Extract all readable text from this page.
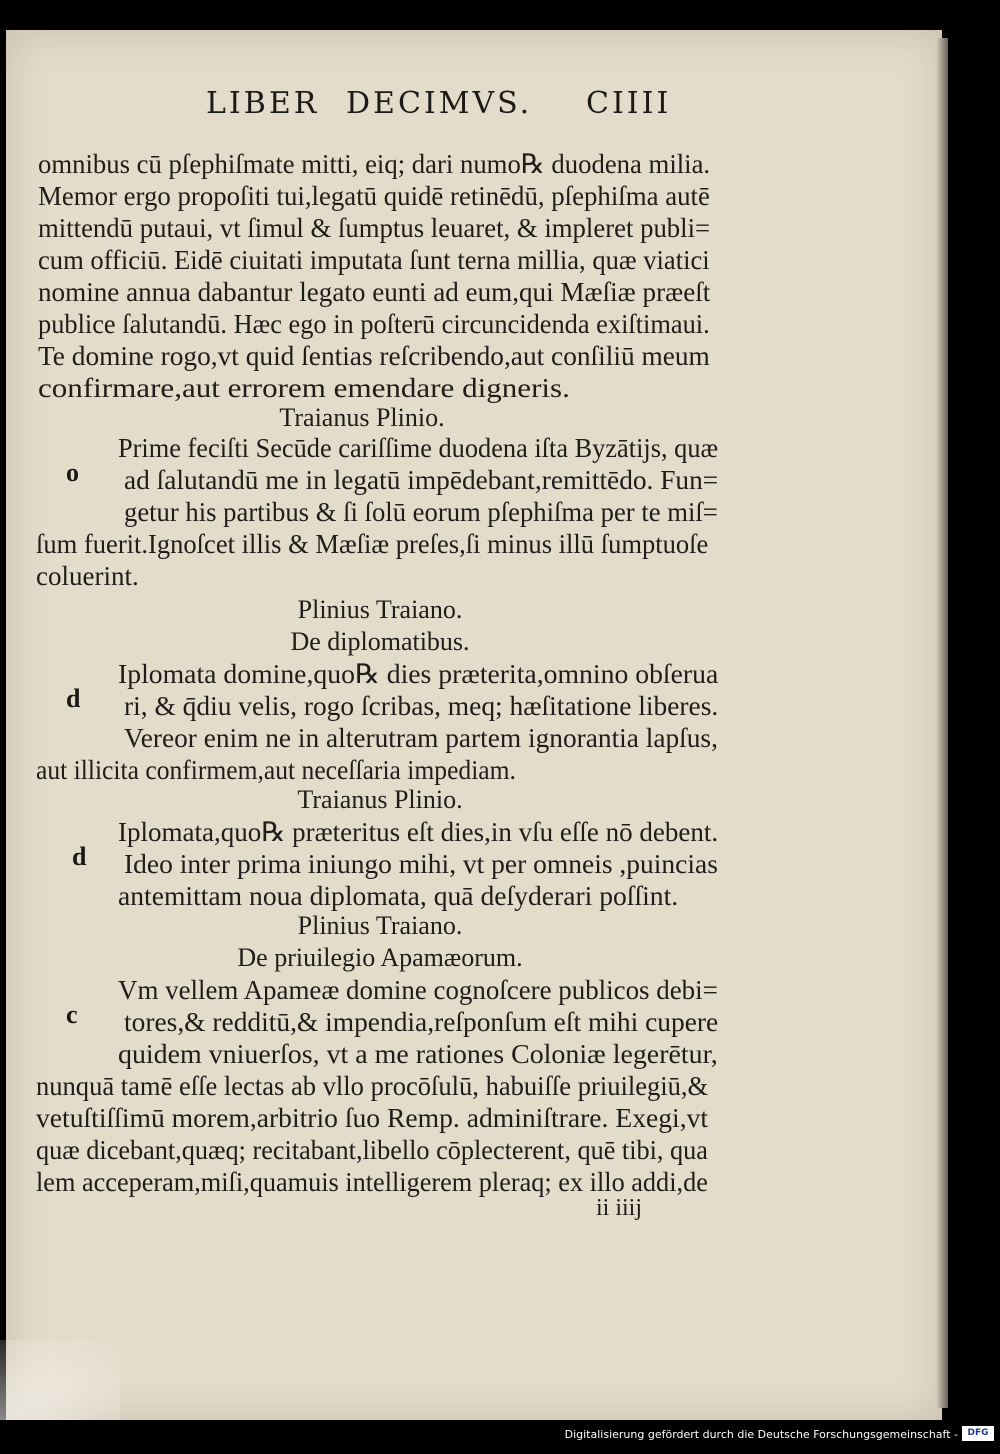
LIBER DECIMVS. CIIII
omnibus cū pſephiſmate mitti, eiq; dari numo℞ duodena milia.
Memor ergo propoſiti tui,legatū quidē retinēdū, pſephiſma autē
mittendū putaui, vt ſimul & ſumptus leuaret, & impleret publi=
cum officiū. Eidē ciuitati imputata ſunt terna millia, quæ viatici
nomine annua dabantur legato eunti ad eum,qui Mæſiæ præeſt
publice ſalutandū. Hæc ego in poſterū circuncidenda exiſtimaui.
Te domine rogo,vt quid ſentias reſcribendo,aut conſiliū meum
confirmare,aut errorem emendare digneris.
Traianus Plinio.
Prime feciſti Secūde cariſſime duodena iſta Byzātijs, quæ
ad ſalutandū me in legatū impēdebant,remittēdo. Fun=
getur his partibus & ſi ſolū eorum pſephiſma per te miſ=
ſum fuerit.Ignoſcet illis & Mæſiæ preſes,ſi minus illū ſumptuoſe
coluerint.
Plinius Traiano.
De diplomatibus.
Iplomata domine,quo℞ dies præterita,omnino obſerua
ri, & q̄diu velis, rogo ſcribas, meq; hæſitatione liberes.
Vereor enim ne in alterutram partem ignorantia lapſus,
aut illicita confirmem,aut neceſſaria impediam.
Traianus Plinio.
Iplomata,quo℞ præteritus eſt dies,in vſu eſſe nō debent.
Ideo inter prima iniungo mihi, vt per omneis ,puincias
antemittam noua diplomata, quā deſyderari poſſint.
Plinius Traiano.
De priuilegio Apamæorum.
Vm vellem Apameæ domine cognoſcere publicos debi=
tores,& redditū,& impendia,reſponſum eſt mihi cupere
quidem vniuerſos, vt a me rationes Coloniæ legerētur,
nunquā tamē eſſe lectas ab vllo procōſulū, habuiſſe priuilegiū,&
vetuſtiſſimū morem,arbitrio ſuo Remp. adminiſtrare. Exegi,vt
quæ dicebant,quæq; recitabant,libello cōplecterent, quē tibi, qua
lem acceperam,miſi,quamuis intelligerem pleraq; ex illo addi,de
o
d
d
c
ii iiij
Digitalisierung gefördert durch die Deutsche Forschungsgemeinschaft -	DFG
